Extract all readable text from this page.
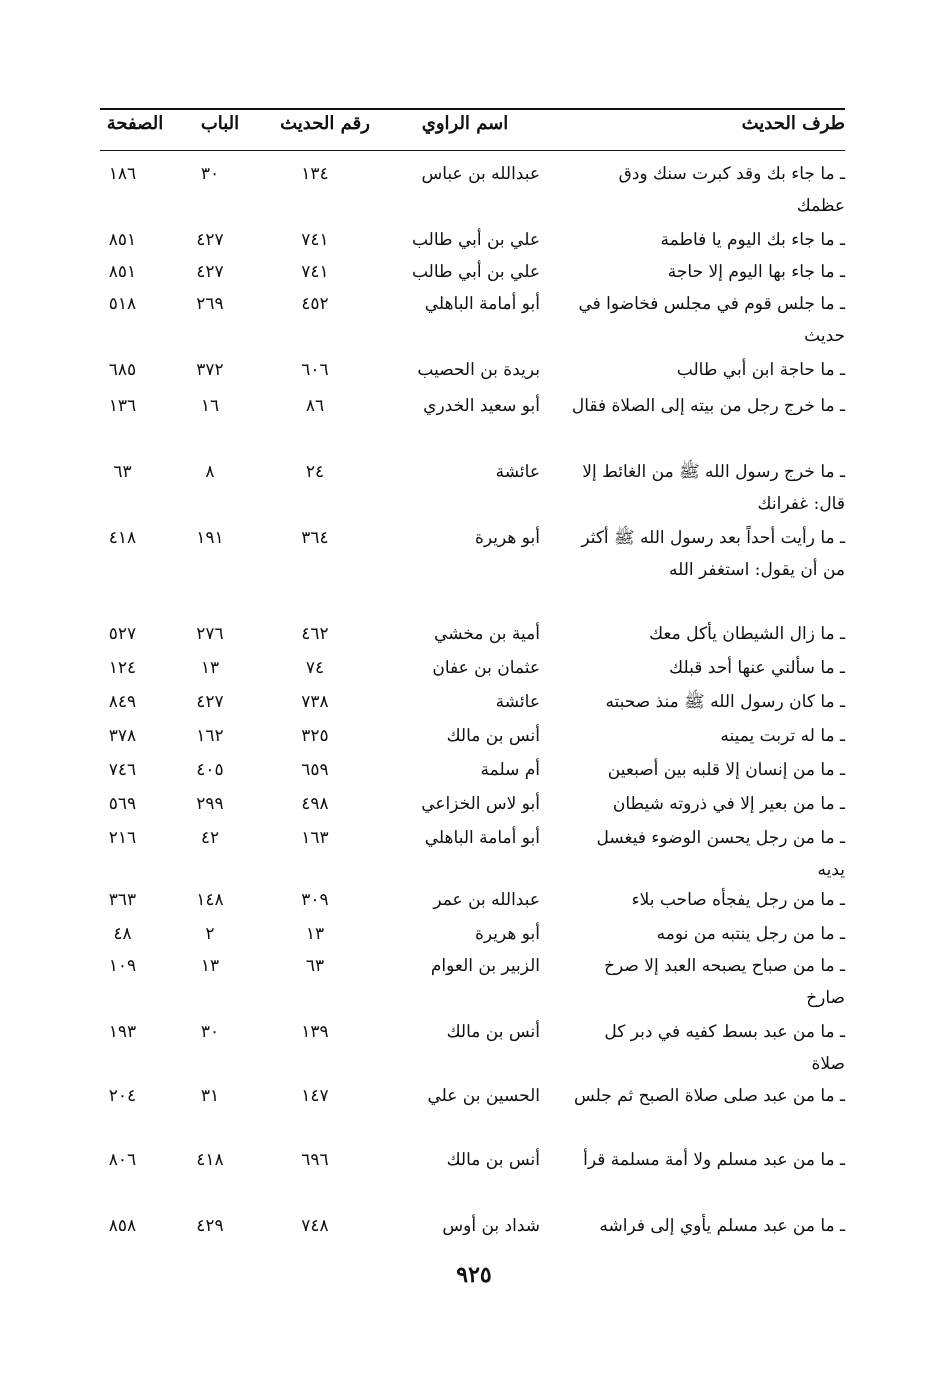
طرف الحديث
اسم الراوي
رقم الحديث
الباب
الصفحة
ـ ما جاء بك وقد كبرت سنك ودق عظمك
عبدالله بن عباس
١٣٤
٣٠
١٨٦
ـ ما جاء بك اليوم يا فاطمة
علي بن أبي طالب
٧٤١
٤٢٧
٨٥١
ـ ما جاء بها اليوم إلا حاجة
علي بن أبي طالب
٧٤١
٤٢٧
٨٥١
ـ ما جلس قوم في مجلس فخاضوا في حديث
أبو أمامة الباهلي
٤٥٢
٢٦٩
٥١٨
ـ ما حاجة ابن أبي طالب
بريدة بن الحصيب
٦٠٦
٣٧٢
٦٨٥
ـ ما خرج رجل من بيته إلى الصلاة فقال
أبو سعيد الخدري
٨٦
١٦
١٣٦
ـ ما خرج رسول الله ﷺ من الغائط إلا قال: غفرانك
عائشة
٢٤
٨
٦٣
ـ ما رأيت أحداً بعد رسول الله ﷺ أكثر من أن يقول: استغفر الله
أبو هريرة
٣٦٤
١٩١
٤١٨
ـ ما زال الشيطان يأكل معك
أمية بن مخشي
٤٦٢
٢٧٦
٥٢٧
ـ ما سألني عنها أحد قبلك
عثمان بن عفان
٧٤
١٣
١٢٤
ـ ما كان رسول الله ﷺ منذ صحبته
عائشة
٧٣٨
٤٢٧
٨٤٩
ـ ما له تربت يمينه
أنس بن مالك
٣٢٥
١٦٢
٣٧٨
ـ ما من إنسان إلا قلبه بين أصبعين
أم سلمة
٦٥٩
٤٠٥
٧٤٦
ـ ما من بعير إلا في ذروته شيطان
أبو لاس الخزاعي
٤٩٨
٢٩٩
٥٦٩
ـ ما من رجل يحسن الوضوء فيغسل يديه
أبو أمامة الباهلي
١٦٣
٤٢
٢١٦
ـ ما من رجل يفجأه صاحب بلاء
عبدالله بن عمر
٣٠٩
١٤٨
٣٦٣
ـ ما من رجل ينتبه من نومه
أبو هريرة
١٣
٢
٤٨
ـ ما من صباح يصبحه العبد إلا صرخ صارخ
الزبير بن العوام
٦٣
١٣
١٠٩
ـ ما من عبد بسط كفيه في دبر كل صلاة
أنس بن مالك
١٣٩
٣٠
١٩٣
ـ ما من عبد صلى صلاة الصبح ثم جلس
الحسين بن علي
١٤٧
٣١
٢٠٤
ـ ما من عبد مسلم ولا أمة مسلمة قرأ
أنس بن مالك
٦٩٦
٤١٨
٨٠٦
ـ ما من عبد مسلم يأوي إلى فراشه
شداد بن أوس
٧٤٨
٤٢٩
٨٥٨
٩٢٥
